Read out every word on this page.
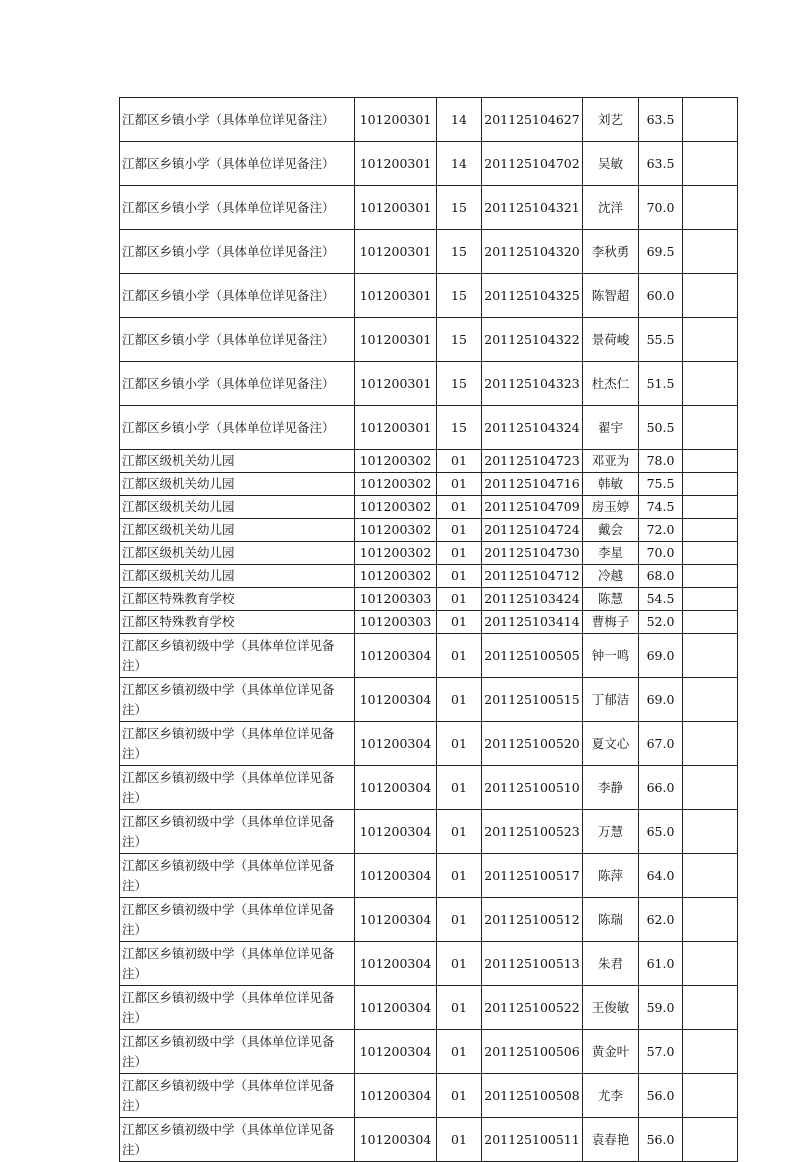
江都区乡镇小学（具体单位详见备注）	101200301	14	201125104627	刘艺	63.5	
江都区乡镇小学（具体单位详见备注）	101200301	14	201125104702	吴敏	63.5	
江都区乡镇小学（具体单位详见备注）	101200301	15	201125104321	沈洋	70.0	
江都区乡镇小学（具体单位详见备注）	101200301	15	201125104320	李秋勇	69.5	
江都区乡镇小学（具体单位详见备注）	101200301	15	201125104325	陈智超	60.0	
江都区乡镇小学（具体单位详见备注）	101200301	15	201125104322	景荷峻	55.5	
江都区乡镇小学（具体单位详见备注）	101200301	15	201125104323	杜杰仁	51.5	
江都区乡镇小学（具体单位详见备注）	101200301	15	201125104324	翟宇	50.5	
江都区级机关幼儿园	101200302	01	201125104723	邓亚为	78.0	
江都区级机关幼儿园	101200302	01	201125104716	韩敏	75.5	
江都区级机关幼儿园	101200302	01	201125104709	房玉婷	74.5	
江都区级机关幼儿园	101200302	01	201125104724	戴会	72.0	
江都区级机关幼儿园	101200302	01	201125104730	李星	70.0	
江都区级机关幼儿园	101200302	01	201125104712	冷越	68.0	
江都区特殊教育学校	101200303	01	201125103424	陈慧	54.5	
江都区特殊教育学校	101200303	01	201125103414	曹梅子	52.0	
江都区乡镇初级中学（具体单位详见备注）	101200304	01	201125100505	钟一鸣	69.0	
江都区乡镇初级中学（具体单位详见备注）	101200304	01	201125100515	丁郁洁	69.0	
江都区乡镇初级中学（具体单位详见备注）	101200304	01	201125100520	夏文心	67.0	
江都区乡镇初级中学（具体单位详见备注）	101200304	01	201125100510	李静	66.0	
江都区乡镇初级中学（具体单位详见备注）	101200304	01	201125100523	万慧	65.0	
江都区乡镇初级中学（具体单位详见备注）	101200304	01	201125100517	陈萍	64.0	
江都区乡镇初级中学（具体单位详见备注）	101200304	01	201125100512	陈瑞	62.0	
江都区乡镇初级中学（具体单位详见备注）	101200304	01	201125100513	朱君	61.0	
江都区乡镇初级中学（具体单位详见备注）	101200304	01	201125100522	王俊敏	59.0	
江都区乡镇初级中学（具体单位详见备注）	101200304	01	201125100506	黄金叶	57.0	
江都区乡镇初级中学（具体单位详见备注）	101200304	01	201125100508	尤李	56.0	
江都区乡镇初级中学（具体单位详见备注）	101200304	01	201125100511	袁春艳	56.0	
